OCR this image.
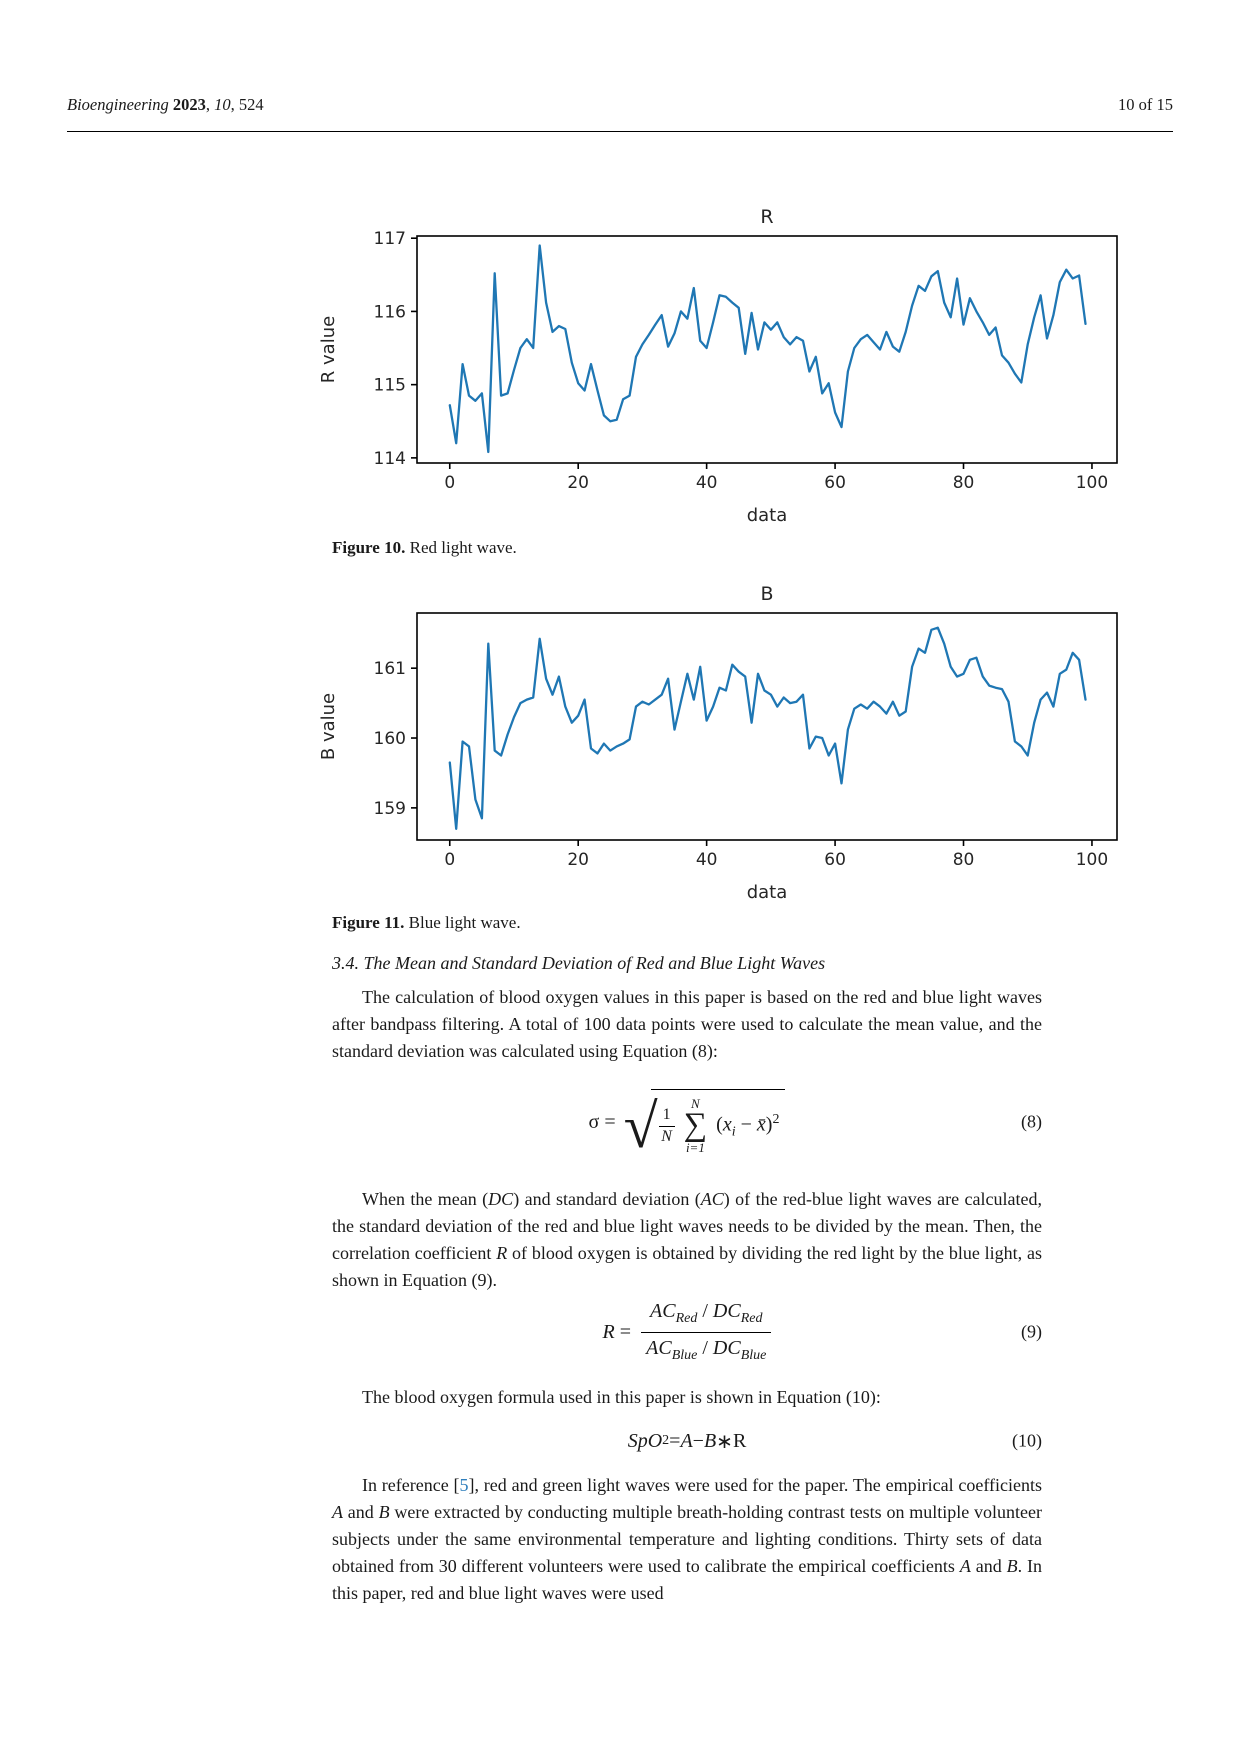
Bioengineering 2023, 10, 524	10 of 15
0	20	40	60	80	100
114
115
116
117
R
data
R value

Figure 10. Red light wave.

0	20	40	60	80	100
159
160
161
B
data
B value

Figure 11. Blue light wave.

3.4. The Mean and Standard Deviation of Red and Blue Light Waves

The calculation of blood oxygen values in this paper is based on the red and blue light waves after bandpass filtering. A total of 100 data points were used to calculate the mean value, and the standard deviation was calculated using Equation (8):

σ = √ $\frac{1}{N}$
N
∑
i=1
($x_i$ − x̄)$^2$	(8)

When the mean (DC) and standard deviation (AC) of the red-blue light waves are calculated, the standard deviation of the red and blue light waves needs to be divided by the mean. Then, the correlation coefficient R of blood oxygen is obtained by dividing the red light by the blue light, as shown in Equation (9).

$R = \frac{AC_{Red} / DC_{Red}}{AC_{Blue} / DC_{Blue}}$	(9)

The blood oxygen formula used in this paper is shown in Equation (10):

SpO 2 = A − B ∗ R	(10)

In reference [5], red and green light waves were used for the paper. The empirical coefficients A and B were extracted by conducting multiple breath-holding contrast tests on multiple volunteer subjects under the same environmental temperature and lighting conditions. Thirty sets of data obtained from 30 different volunteers were used to calibrate the empirical coefficients A and B. In this paper, red and blue light waves were used
